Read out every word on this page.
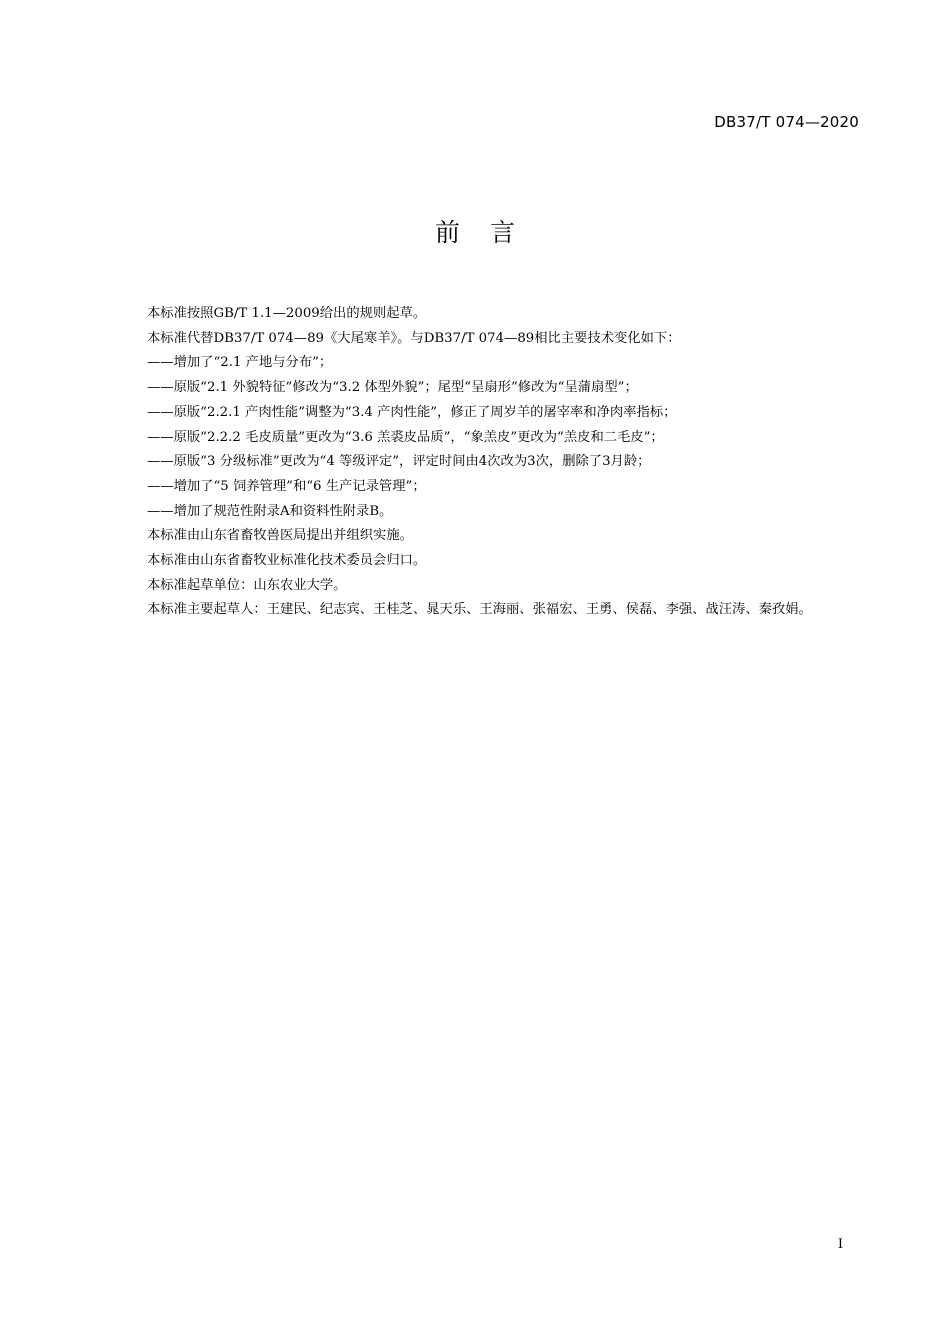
DB37/T 074—2020
前言

本标准按照GB/T 1.1—2009给出的规则起草。

本标准代替DB37/T 074—89《大尾寒羊》。与DB37/T 074—89相比主要技术变化如下：

——增加了“2.1 产地与分布”；

——原版“2.1 外貌特征”修改为“3.2 体型外貌”；尾型“呈扇形”修改为“呈蒲扇型”；

——原版“2.2.1 产肉性能”调整为“3.4 产肉性能”，修正了周岁羊的屠宰率和净肉率指标；

——原版“2.2.2 毛皮质量”更改为“3.6 羔裘皮品质”，“象羔皮”更改为“羔皮和二毛皮”；

——原版“3 分级标准”更改为“4 等级评定”，评定时间由4次改为3次，删除了3月龄；

——增加了“5 饲养管理”和“6 生产记录管理”；

——增加了规范性附录A和资料性附录B。

本标准由山东省畜牧兽医局提出并组织实施。

本标准由山东省畜牧业标准化技术委员会归口。

本标准起草单位：山东农业大学。

本标准主要起草人：王建民、纪志宾、王桂芝、晁天乐、王海丽、张福宏、王勇、侯磊、李强、战汪涛、秦孜娟。

I
